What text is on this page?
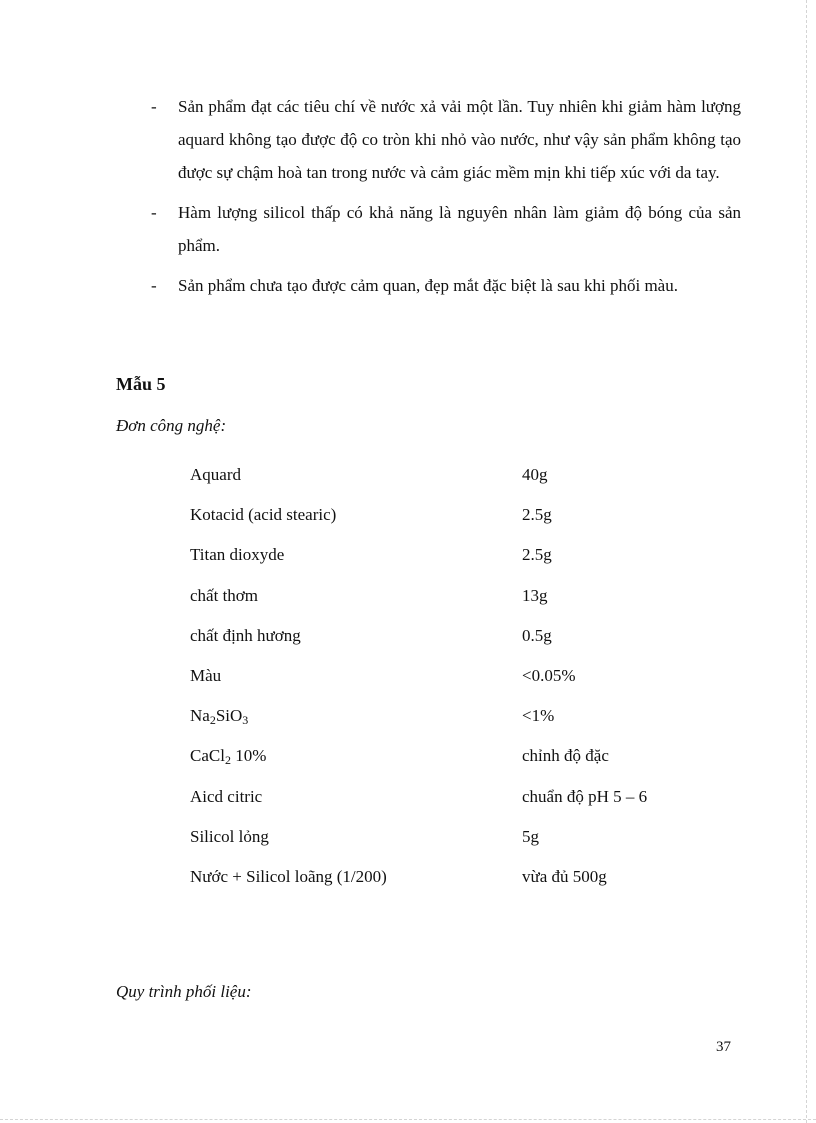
- Sản phẩm đạt các tiêu chí về nước xả vải một lần. Tuy nhiên khi giảm hàm lượng aquard không tạo được độ co tròn khi nhỏ vào nước, như vậy sản phẩm không tạo được sự chậm hoà tan trong nước và cảm giác mềm mịn khi tiếp xúc với da tay.
- Hàm lượng silicol thấp có khả năng là nguyên nhân làm giảm độ bóng của sản phẩm.
- Sản phẩm chưa tạo được cảm quan, đẹp mắt đặc biệt là sau khi phối màu.
Mẫu 5
Đơn công nghệ:
Aquard	40g
Kotacid (acid stearic)	2.5g
Titan dioxyde	2.5g
chất thơm	13g
chất định hương	0.5g
Màu	<0.05%
$Na_2SiO_3$	<1%
CaCl$_2$ 10%	chỉnh độ đặc
Aicd citric	chuẩn độ pH 5 – 6
Silicol lỏng	5g
Nước + Silicol loãng (1/200)	vừa đủ 500g
Quy trình phối liệu:
37
